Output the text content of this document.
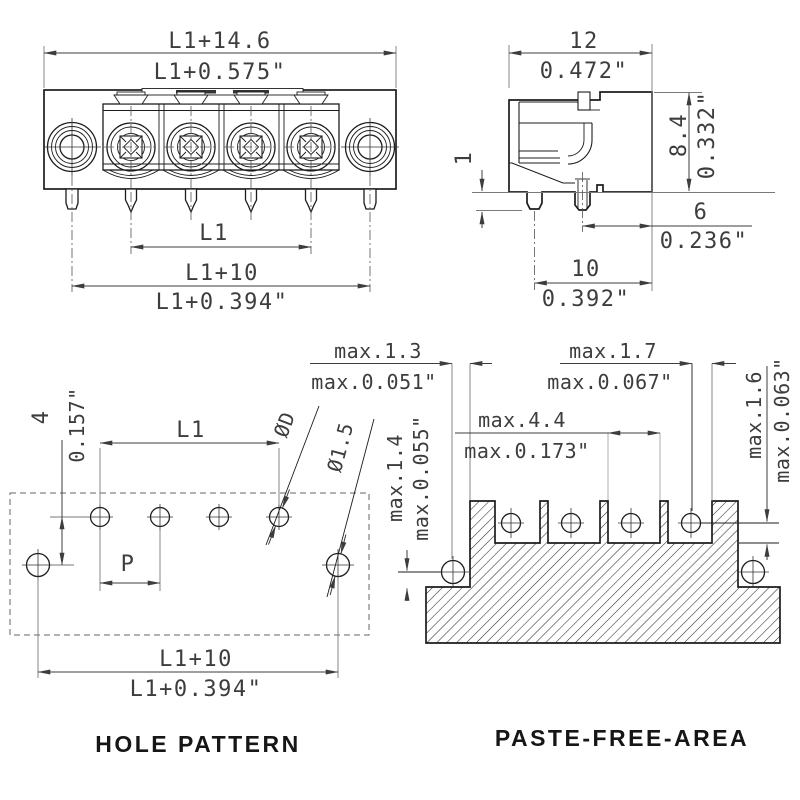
L1+14.6
L1+0.575"
L1
L1+10
L1+0.394"
12
0.472"
8.4 0.332"
1
6
0.236"
10
0.392"
4 0.157"	L1
P
ØD Ø1.5
L1+10
L1+0.394"
HOLE PATTERN
max.1.3
max.0.051"
max.1.7
max.0.067"
max.4.4
max.0.173"	max.1.6 max.0.063"
max.1.4 max.0.055"
PASTE-FREE-AREA
